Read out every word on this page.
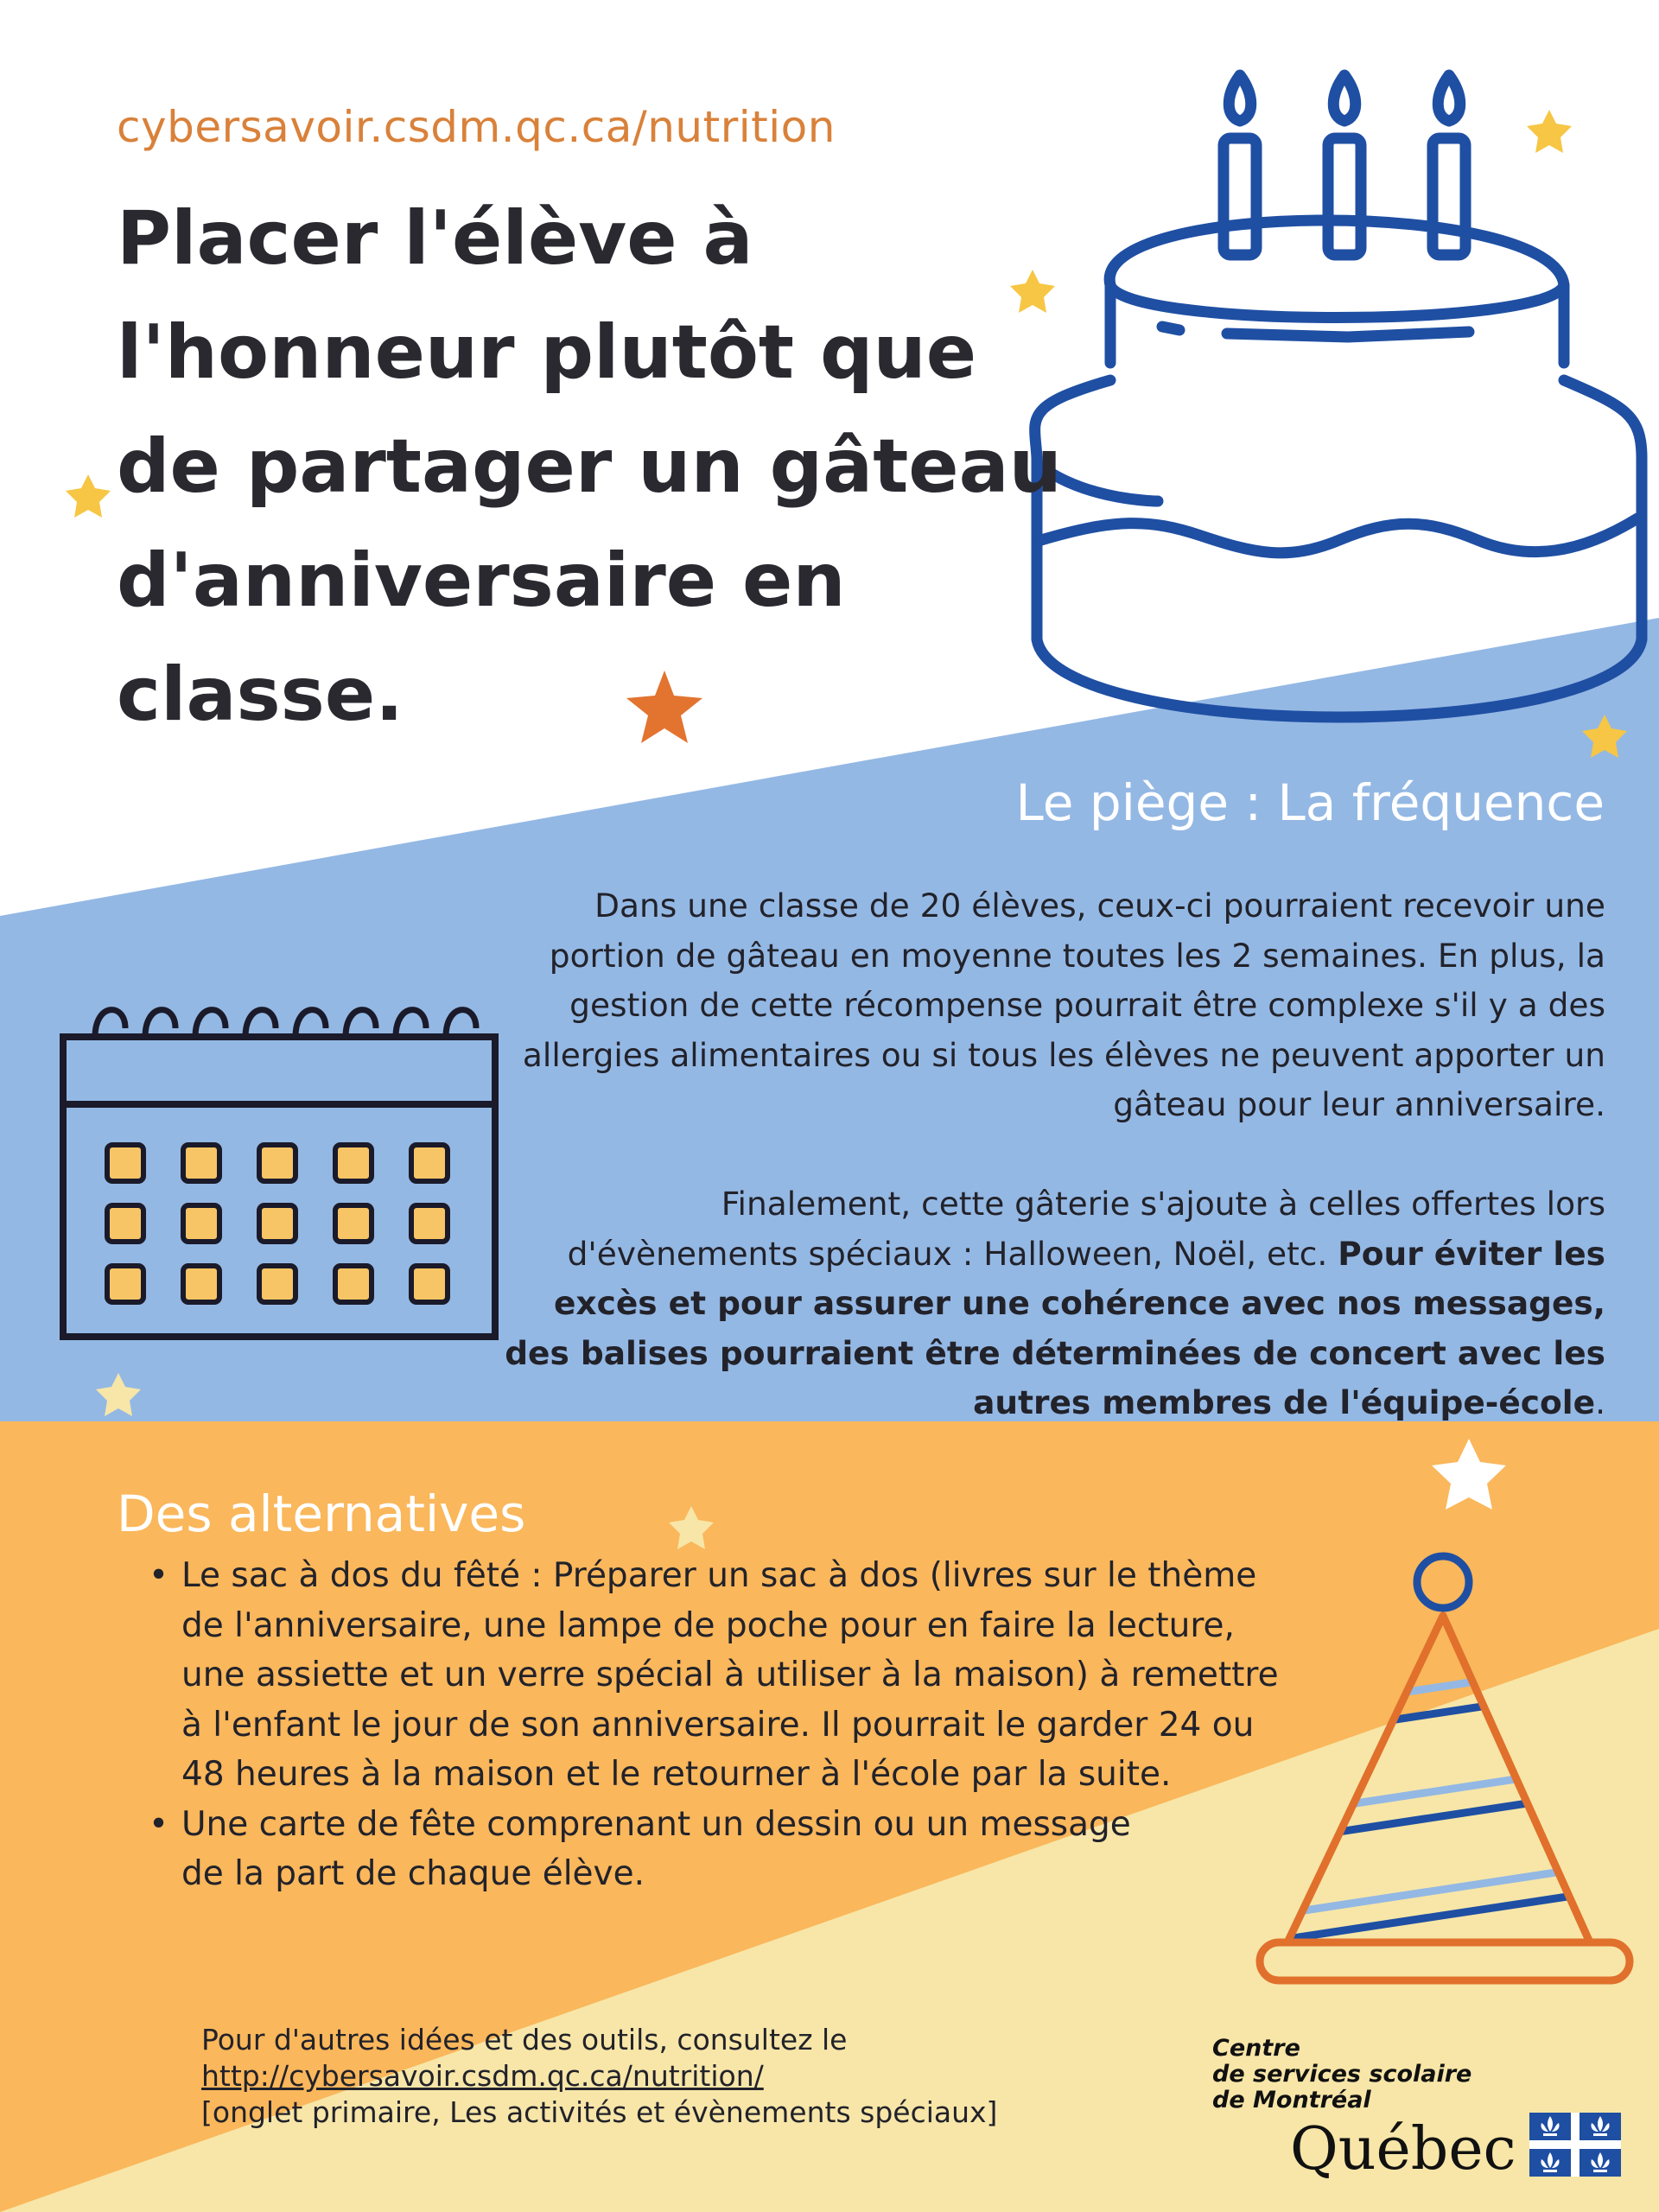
cybersavoir.csdm.qc.ca/nutrition
Placer l'élève à l'honneur plutôt que de partager un gâteau d'anniversaire en classe.
Le piège : La fréquence
Dans une classe de 20 élèves, ceux-ci pourraient recevoir une portion de gâteau en moyenne toutes les 2 semaines. En plus, la gestion de cette récompense pourrait être complexe s'il y a des allergies alimentaires ou si tous les élèves ne peuvent apporter un gâteau pour leur anniversaire.
Finalement, cette gâterie s'ajoute à celles offertes lors d'évènements spéciaux : Halloween, Noël, etc. Pour éviter les excès et pour assurer une cohérence avec nos messages, des balises pourraient être déterminées de concert avec les autres membres de l'équipe-école.
Des alternatives
• Le sac à dos du fêté : Préparer un sac à dos (livres sur le thème
de l'anniversaire, une lampe de poche pour en faire la lecture,
une assiette et un verre spécial à utiliser à la maison) à remettre
à l'enfant le jour de son anniversaire. Il pourrait le garder 24 ou
48 heures à la maison et le retourner à l'école par la suite.
• Une carte de fête comprenant un dessin ou un message
de la part de chaque élève.
Pour d'autres idées et des outils, consultez le
http://cybersavoir.csdm.qc.ca/nutrition/
[onglet primaire, Les activités et évènements spéciaux]
Centre
de services scolaire
de Montréal
Québec
